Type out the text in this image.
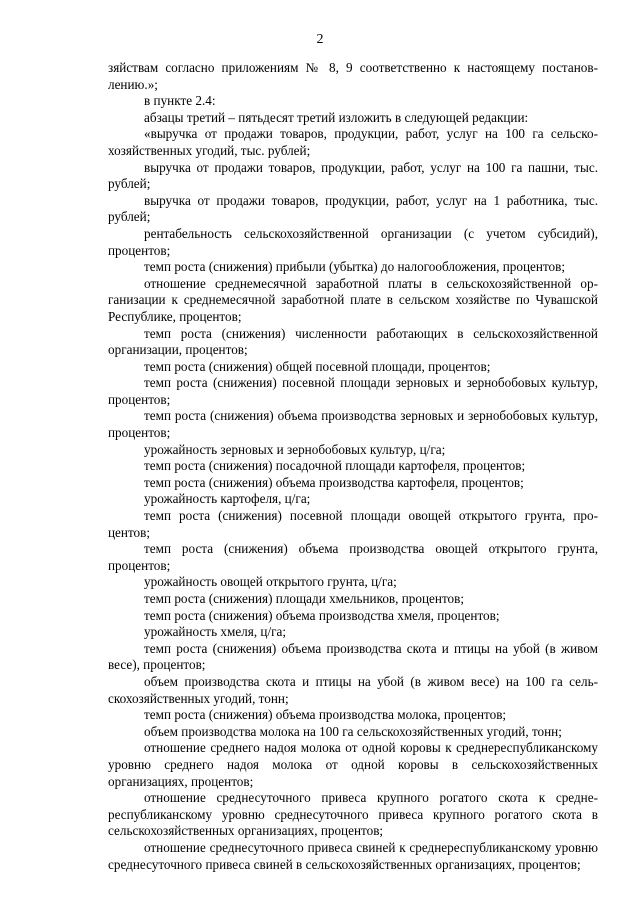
2

зяйствам согласно приложениям № 8, 9 соответственно к настоящему постановлению.»;

в пункте 2.4:

абзацы третий – пятьдесят третий изложить в следующей редакции:

«выручка от продажи товаров, продукции, работ, услуг на 100 га сельскохозяйственных угодий, тыс. рублей;

выручка от продажи товаров, продукции, работ, услуг на 100 га пашни, тыс. рублей;

выручка от продажи товаров, продукции, работ, услуг на 1 работника, тыс. рублей;

рентабельность сельскохозяйственной организации (с учетом субсидий), процентов;

темп роста (снижения) прибыли (убытка) до налогообложения, процентов;

отношение среднемесячной заработной платы в сельскохозяйственной организации к среднемесячной заработной плате в сельском хозяйстве по Чувашской Республике, процентов;

темп роста (снижения) численности работающих в сельскохозяйственной организации, процентов;

темп роста (снижения) общей посевной площади, процентов;

темп роста (снижения) посевной площади зерновых и зернобобовых культур, процентов;

темп роста (снижения) объема производства зерновых и зернобобовых культур, процентов;

урожайность зерновых и зернобобовых культур, ц/га;

темп роста (снижения) посадочной площади картофеля, процентов;

темп роста (снижения) объема производства картофеля, процентов;

урожайность картофеля, ц/га;

темп роста (снижения) посевной площади овощей открытого грунта, процентов;

темп роста (снижения) объема производства овощей открытого грунта, процентов;

урожайность овощей открытого грунта, ц/га;

темп роста (снижения) площади хмельников, процентов;

темп роста (снижения) объема производства хмеля, процентов;

урожайность хмеля, ц/га;

темп роста (снижения) объема производства скота и птицы на убой (в живом весе), процентов;

объем производства скота и птицы на убой (в живом весе) на 100 га сельскохозяйственных угодий, тонн;

темп роста (снижения) объема производства молока, процентов;

объем производства молока на 100 га сельскохозяйственных угодий, тонн;

отношение среднего надоя молока от одной коровы к среднереспубликанскому уровню среднего надоя молока от одной коровы в сельскохозяйственных организациях, процентов;

отношение среднесуточного привеса крупного рогатого скота к среднереспубликанскому уровню среднесуточного привеса крупного рогатого скота в сельскохозяйственных организациях, процентов;

отношение среднесуточного привеса свиней к среднереспубликанскому уровню среднесуточного привеса свиней в сельскохозяйственных организациях, процентов;
